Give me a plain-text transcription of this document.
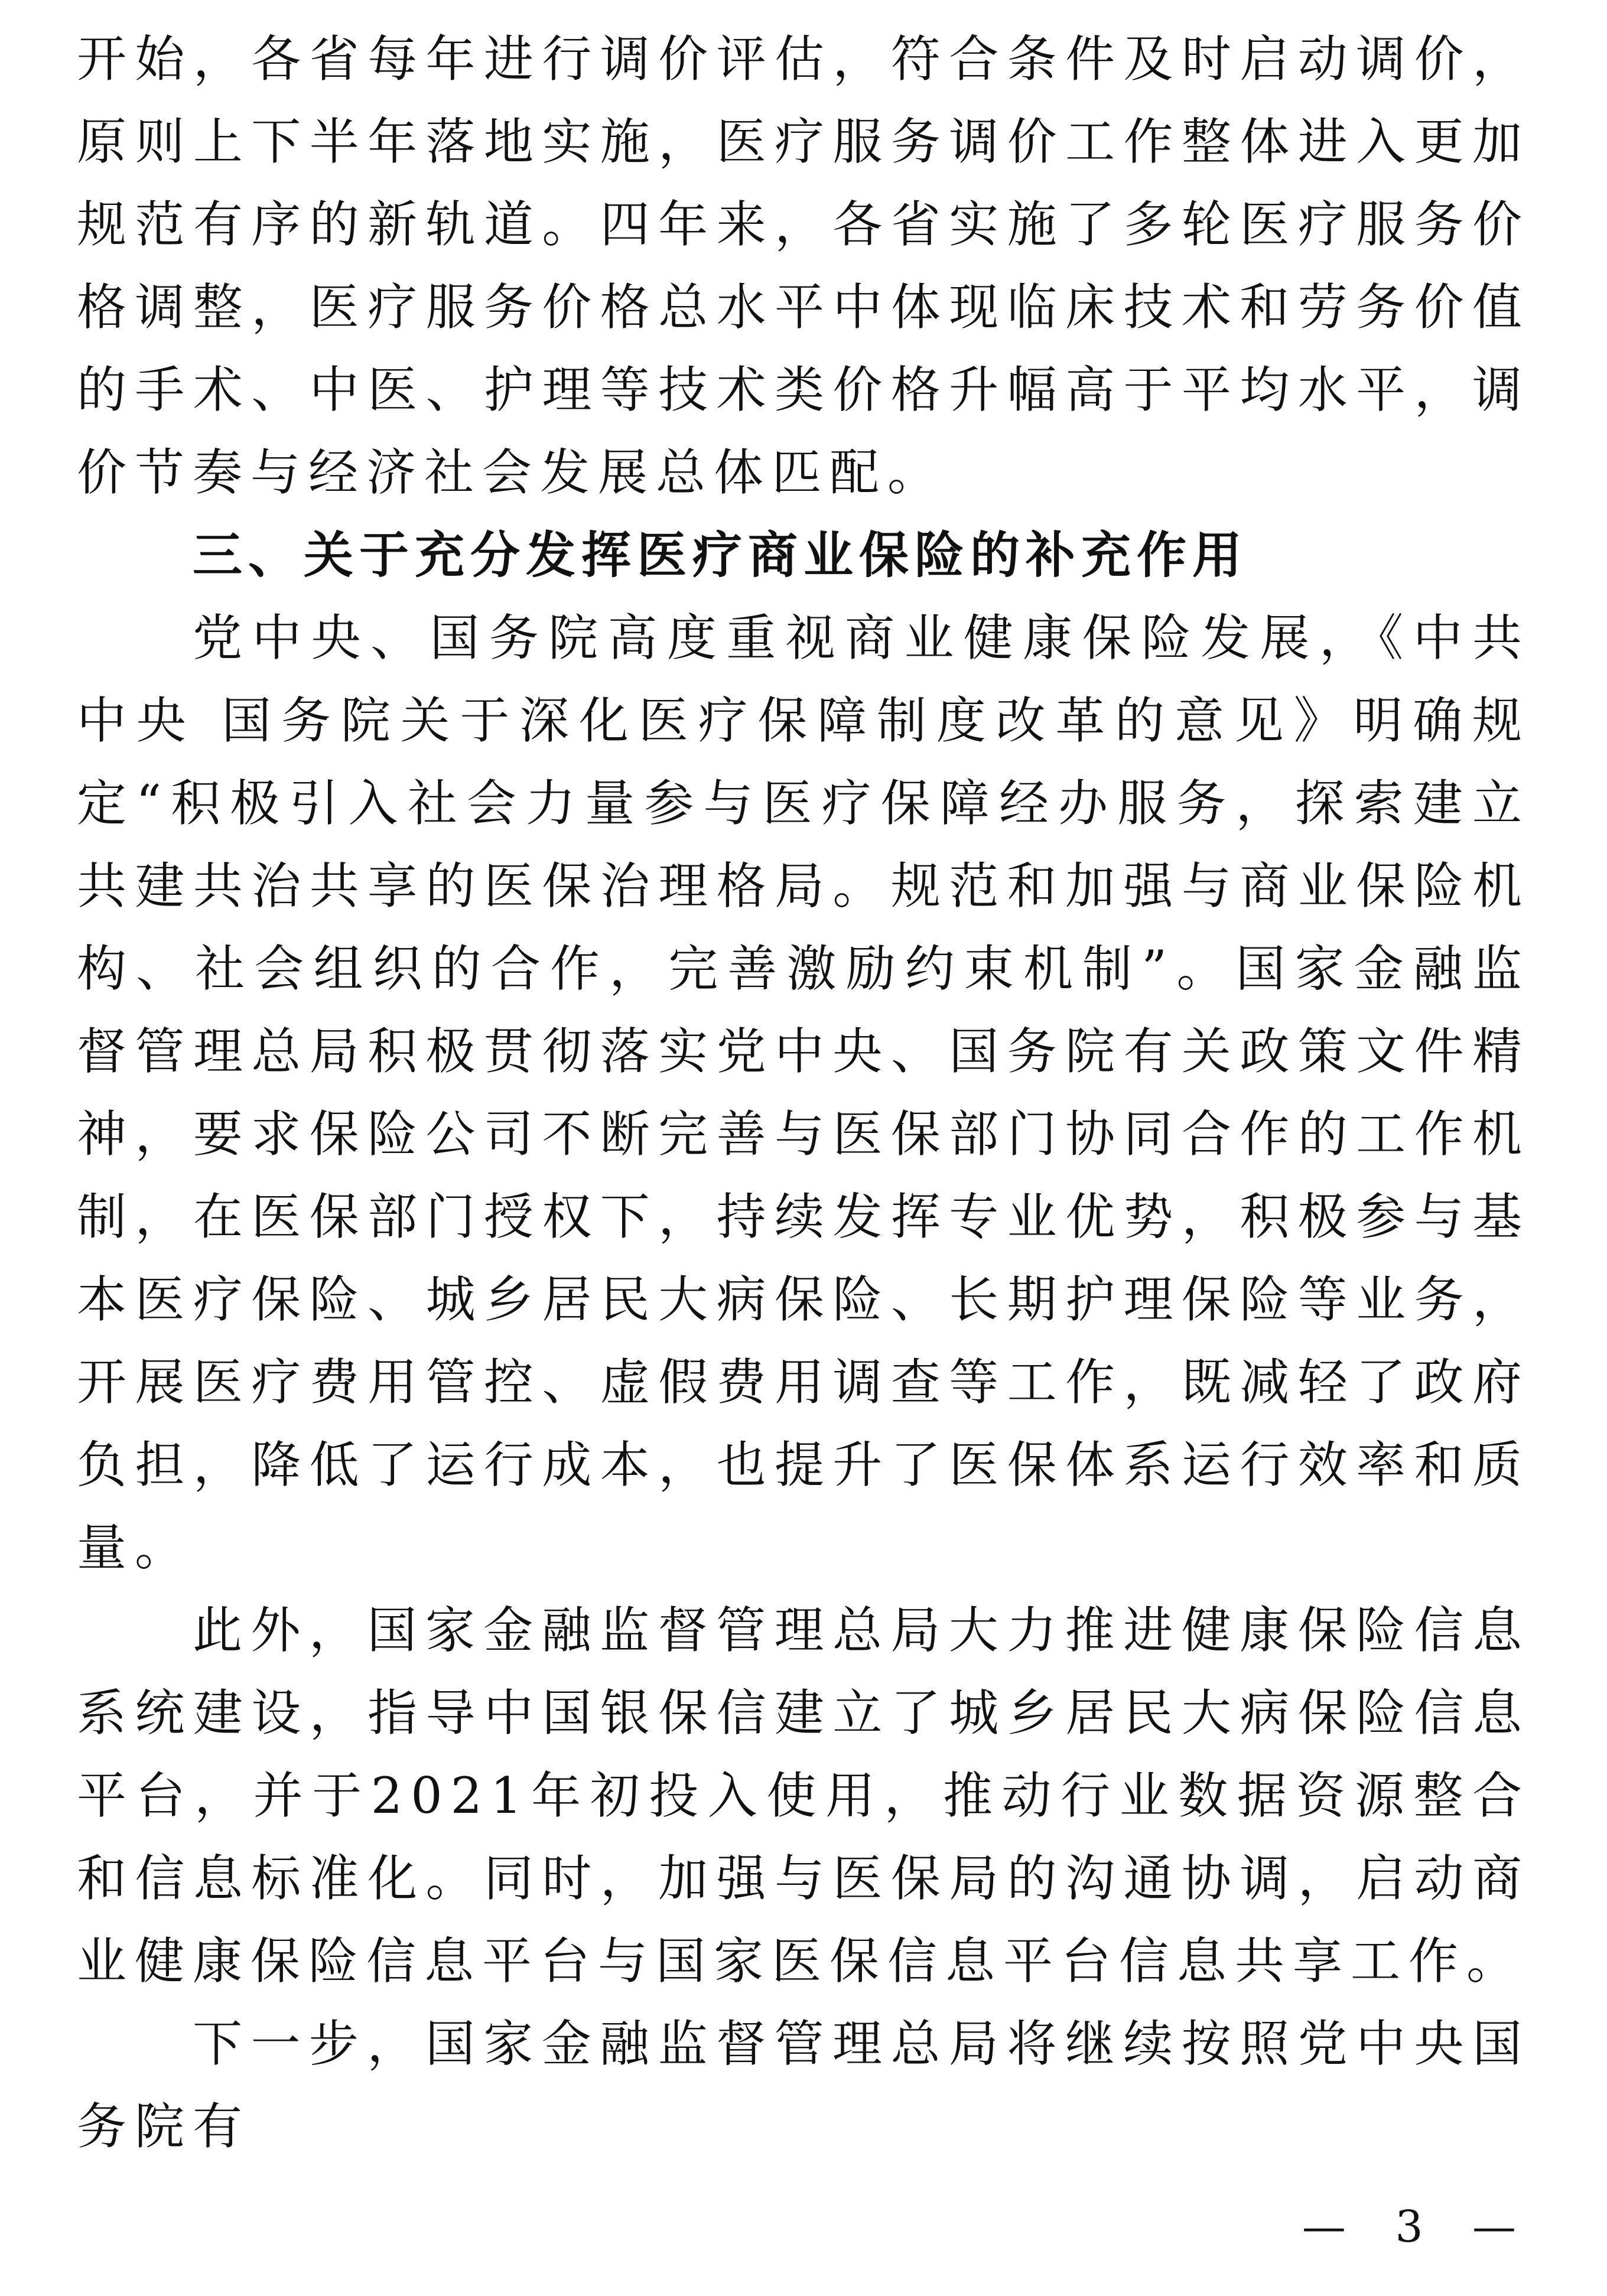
开始，各省每年进行调价评估，符合条件及时启动调价，原则上下半年落地实施，医疗服务调价工作整体进入更加规范有序的新轨道。四年来，各省实施了多轮医疗服务价格调整，医疗服务价格总水平中体现临床技术和劳务价值的手术、中医、护理等技术类价格升幅高于平均水平，调价节奏与经济社会发展总体匹配。

三、关于充分发挥医疗商业保险的补充作用

党中央、国务院高度重视商业健康保险发展，《中共中央 国务院关于深化医疗保障制度改革的意见》明确规定“积极引入社会力量参与医疗保障经办服务，探索建立共建共治共享的医保治理格局。规范和加强与商业保险机构、社会组织的合作，完善激励约束机制”。国家金融监督管理总局积极贯彻落实党中央、国务院有关政策文件精神，要求保险公司不断完善与医保部门协同合作的工作机制，在医保部门授权下，持续发挥专业优势，积极参与基本医疗保险、城乡居民大病保险、长期护理保险等业务，开展医疗费用管控、虚假费用调查等工作，既减轻了政府负担，降低了运行成本，也提升了医保体系运行效率和质量。

此外，国家金融监督管理总局大力推进健康保险信息系统建设，指导中国银保信建立了城乡居民大病保险信息平台，并于2021年初投入使用，推动行业数据资源整合和信息标准化。同时，加强与医保局的沟通协调，启动商业健康保险信息平台与国家医保信息平台信息共享工作。

下一步，国家金融监督管理总局将继续按照党中央国务院有

— 3 —
